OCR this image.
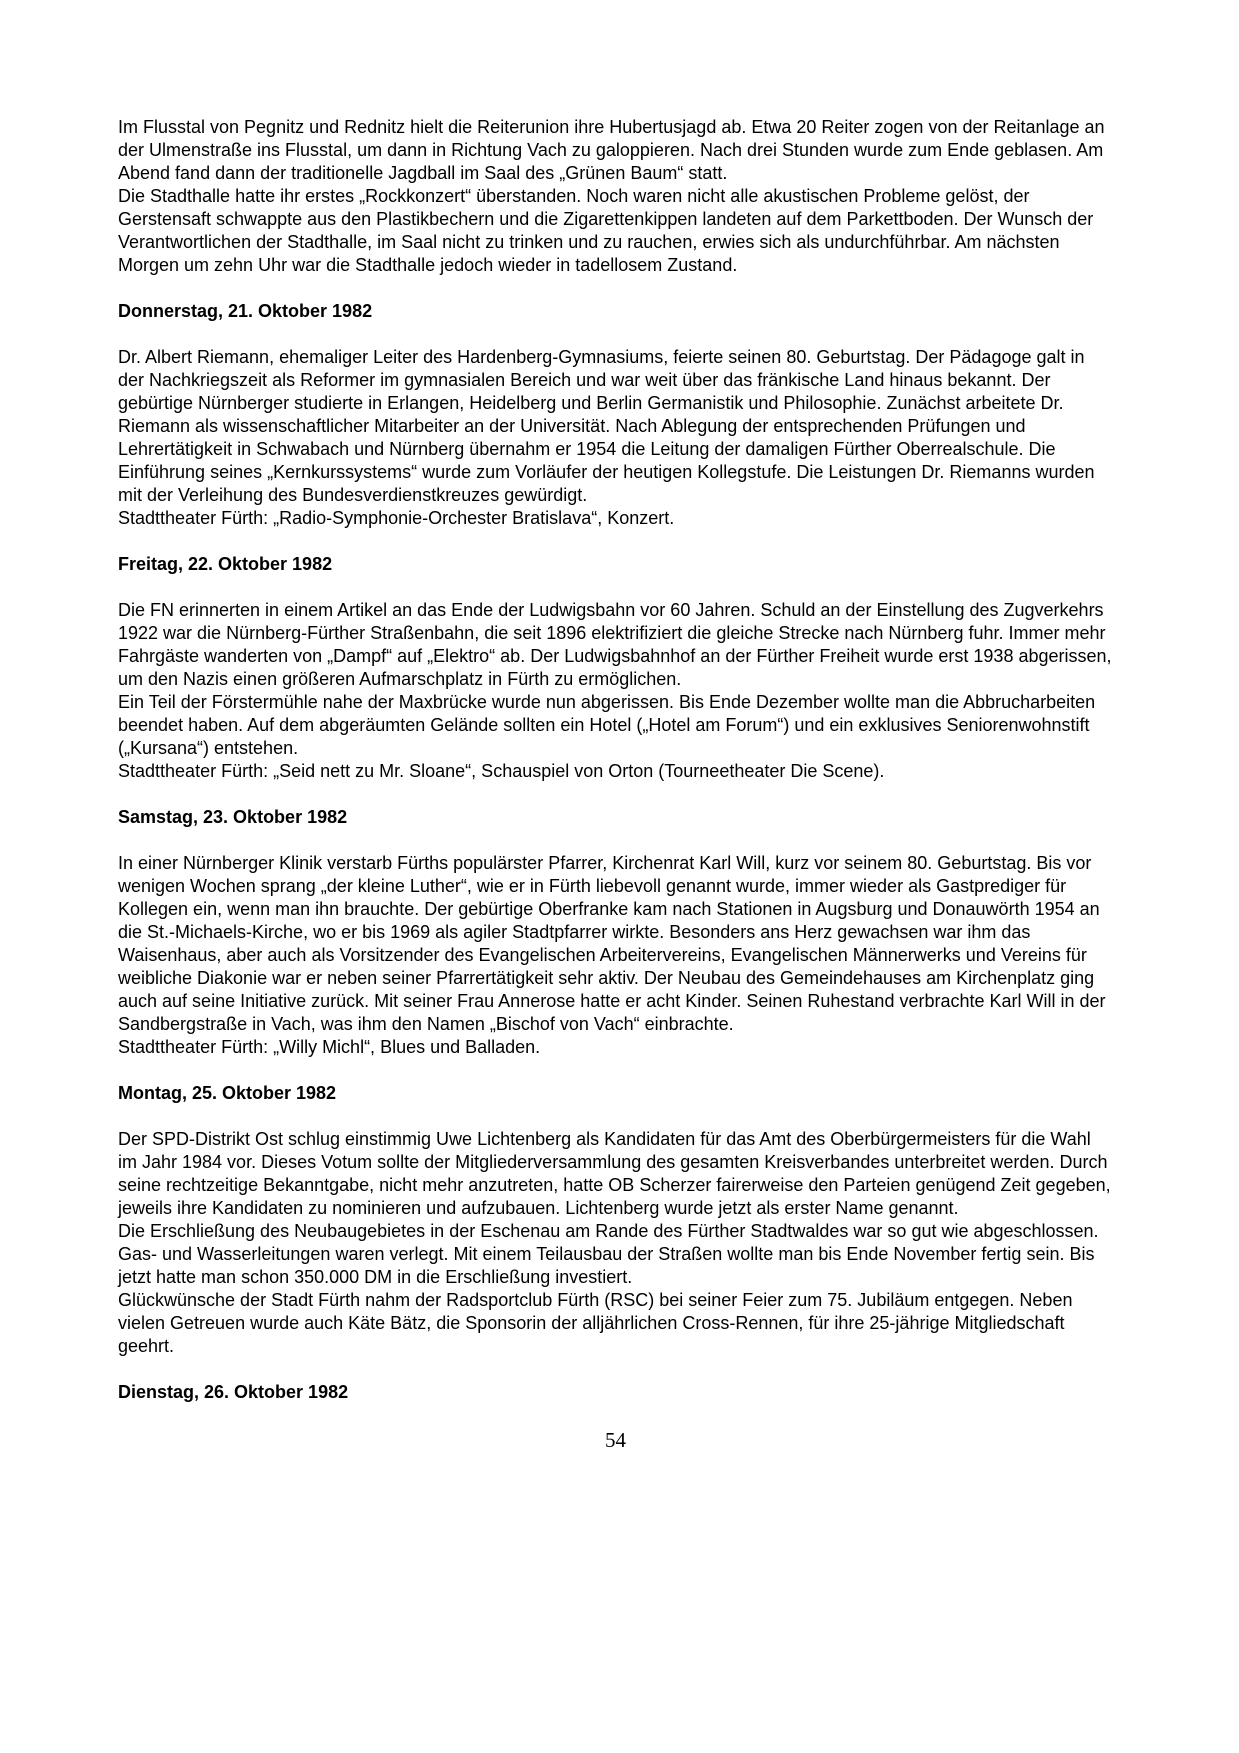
Im Flusstal von Pegnitz und Rednitz hielt die Reiterunion ihre Hubertusjagd ab. Etwa 20 Reiter zogen von der Reitanlage an der Ulmenstraße ins Flusstal, um dann in Richtung Vach zu galoppieren. Nach drei Stunden wurde zum Ende geblasen. Am Abend fand dann der traditionelle Jagdball im Saal des „Grünen Baum“ statt.

Die Stadthalle hatte ihr erstes „Rockkonzert“ überstanden. Noch waren nicht alle akustischen Probleme gelöst, der Gerstensaft schwappte aus den Plastikbechern und die Zigarettenkippen landeten auf dem Parkettboden. Der Wunsch der Verantwortlichen der Stadthalle, im Saal nicht zu trinken und zu rauchen, erwies sich als undurchführbar. Am nächsten Morgen um zehn Uhr war die Stadthalle jedoch wieder in tadellosem Zustand.

Donnerstag, 21. Oktober 1982

Dr. Albert Riemann, ehemaliger Leiter des Hardenberg-Gymnasiums, feierte seinen 80. Geburtstag. Der Pädagoge galt in der Nachkriegszeit als Reformer im gymnasialen Bereich und war weit über das fränkische Land hinaus bekannt. Der gebürtige Nürnberger studierte in Erlangen, Heidelberg und Berlin Germanistik und Philosophie. Zunächst arbeitete Dr. Riemann als wissenschaftlicher Mitarbeiter an der Universität. Nach Ablegung der entsprechenden Prüfungen und Lehrertätigkeit in Schwabach und Nürnberg übernahm er 1954 die Leitung der damaligen Fürther Oberrealschule. Die Einführung seines „Kernkurssystems“ wurde zum Vorläufer der heutigen Kollegstufe. Die Leistungen Dr. Riemanns wurden mit der Verleihung des Bundesverdienstkreuzes gewürdigt.

Stadttheater Fürth: „Radio-Symphonie-Orchester Bratislava“, Konzert.

Freitag, 22. Oktober 1982

Die FN erinnerten in einem Artikel an das Ende der Ludwigsbahn vor 60 Jahren. Schuld an der Einstellung des Zugverkehrs 1922 war die Nürnberg-Fürther Straßenbahn, die seit 1896 elektrifiziert die gleiche Strecke nach Nürnberg fuhr. Immer mehr Fahrgäste wanderten von „Dampf“ auf „Elektro“ ab. Der Ludwigsbahnhof an der Fürther Freiheit wurde erst 1938 abgerissen, um den Nazis einen größeren Aufmarschplatz in Fürth zu ermöglichen.

Ein Teil der Förstermühle nahe der Maxbrücke wurde nun abgerissen. Bis Ende Dezember wollte man die Abbrucharbeiten beendet haben. Auf dem abgeräumten Gelände sollten ein Hotel („Hotel am Forum“) und ein exklusives Seniorenwohnstift („Kursana“) entstehen.

Stadttheater Fürth: „Seid nett zu Mr. Sloane“, Schauspiel von Orton (Tourneetheater Die Scene).

Samstag, 23. Oktober 1982

In einer Nürnberger Klinik verstarb Fürths populärster Pfarrer, Kirchenrat Karl Will, kurz vor seinem 80. Geburtstag. Bis vor wenigen Wochen sprang „der kleine Luther“, wie er in Fürth liebevoll genannt wurde, immer wieder als Gastprediger für Kollegen ein, wenn man ihn brauchte. Der gebürtige Oberfranke kam nach Stationen in Augsburg und Donauwörth 1954 an die St.-Michaels-Kirche, wo er bis 1969 als agiler Stadtpfarrer wirkte. Besonders ans Herz gewachsen war ihm das Waisenhaus, aber auch als Vorsitzender des Evangelischen Arbeitervereins, Evangelischen Männerwerks und Vereins für weibliche Diakonie war er neben seiner Pfarrertätigkeit sehr aktiv. Der Neubau des Gemeindehauses am Kirchenplatz ging auch auf seine Initiative zurück. Mit seiner Frau Annerose hatte er acht Kinder. Seinen Ruhestand verbrachte Karl Will in der Sandbergstraße in Vach, was ihm den Namen „Bischof von Vach“ einbrachte.

Stadttheater Fürth: „Willy Michl“, Blues und Balladen.

Montag, 25. Oktober 1982

Der SPD-Distrikt Ost schlug einstimmig Uwe Lichtenberg als Kandidaten für das Amt des Oberbürgermeisters für die Wahl im Jahr 1984 vor. Dieses Votum sollte der Mitgliederversammlung des gesamten Kreisverbandes unterbreitet werden. Durch seine rechtzeitige Bekanntgabe, nicht mehr anzutreten, hatte OB Scherzer fairerweise den Parteien genügend Zeit gegeben, jeweils ihre Kandidaten zu nominieren und aufzubauen. Lichtenberg wurde jetzt als erster Name genannt.

Die Erschließung des Neubaugebietes in der Eschenau am Rande des Fürther Stadtwaldes war so gut wie abgeschlossen. Gas- und Wasserleitungen waren verlegt. Mit einem Teilausbau der Straßen wollte man bis Ende November fertig sein. Bis jetzt hatte man schon 350.000 DM in die Erschließung investiert.

Glückwünsche der Stadt Fürth nahm der Radsportclub Fürth (RSC) bei seiner Feier zum 75. Jubiläum entgegen. Neben vielen Getreuen wurde auch Käte Bätz, die Sponsorin der alljährlichen Cross-Rennen, für ihre 25-jährige Mitgliedschaft geehrt.

Dienstag, 26. Oktober 1982
54
